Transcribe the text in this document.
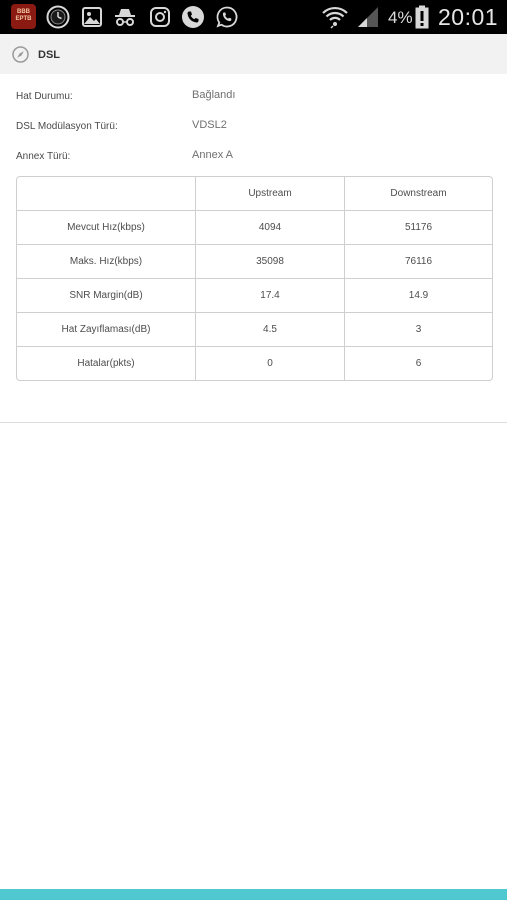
BBB
EPTB	4% 20:01
DSL
Hat Durumu:	Bağlandı
DSL Modülasyon Türü:	VDSL2
Annex Türü:	Annex A
	Upstream	Downstream
Mevcut Hız(kbps)	4094	51176
Maks. Hız(kbps)	35098	76116
SNR Margin(dB)	17.4	14.9
Hat Zayıflaması(dB)	4.5	3
Hatalar(pkts)	0	6
